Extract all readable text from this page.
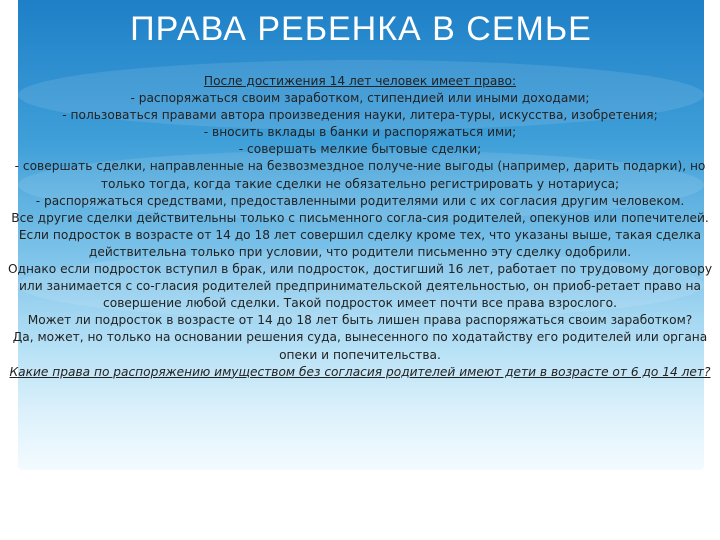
ПРАВА РЕБЕНКА В СЕМЬЕ

После достижения 14 лет человек имеет право:

- распоряжаться своим заработком, стипендией или иными доходами;

- пользоваться правами автора произведения науки, литера-туры, искусства, изобретения;

- вносить вклады в банки и распоряжаться ими;

- совершать мелкие бытовые сделки;

- совершать сделки, направленные на безвозмездное получе-ние выгоды (например, дарить подарки), но только тогда, когда такие сделки не обязательно регистрировать у нотариуса;

- распоряжаться средствами, предоставленными родителями или с их согласия другим человеком.

Все другие сделки действительны только с письменного согла-сия родителей, опекунов или попечителей. Если подросток в возрасте от 14 до 18 лет совершил сделку кроме тех, что указаны выше, такая сделка действительна только при условии, что родители письменно эту сделку одобрили.

Однако если подросток вступил в брак, или подросток, достигший 16 лет, работает по трудовому договору или занимается с со-гласия родителей предпринимательской деятельностью, он приоб-ретает право на совершение любой сделки. Такой подросток имеет почти все права взрослого.

Может ли подросток в возрасте от 14 до 18 лет быть лишен права распоряжаться своим заработком?

Да, может, но только на основании решения суда, вынесенного по ходатайству его родителей или органа опеки и попечительства.

Какие права по распоряжению имуществом без согласия родителей имеют дети в возрасте от 6 до 14 лет?
